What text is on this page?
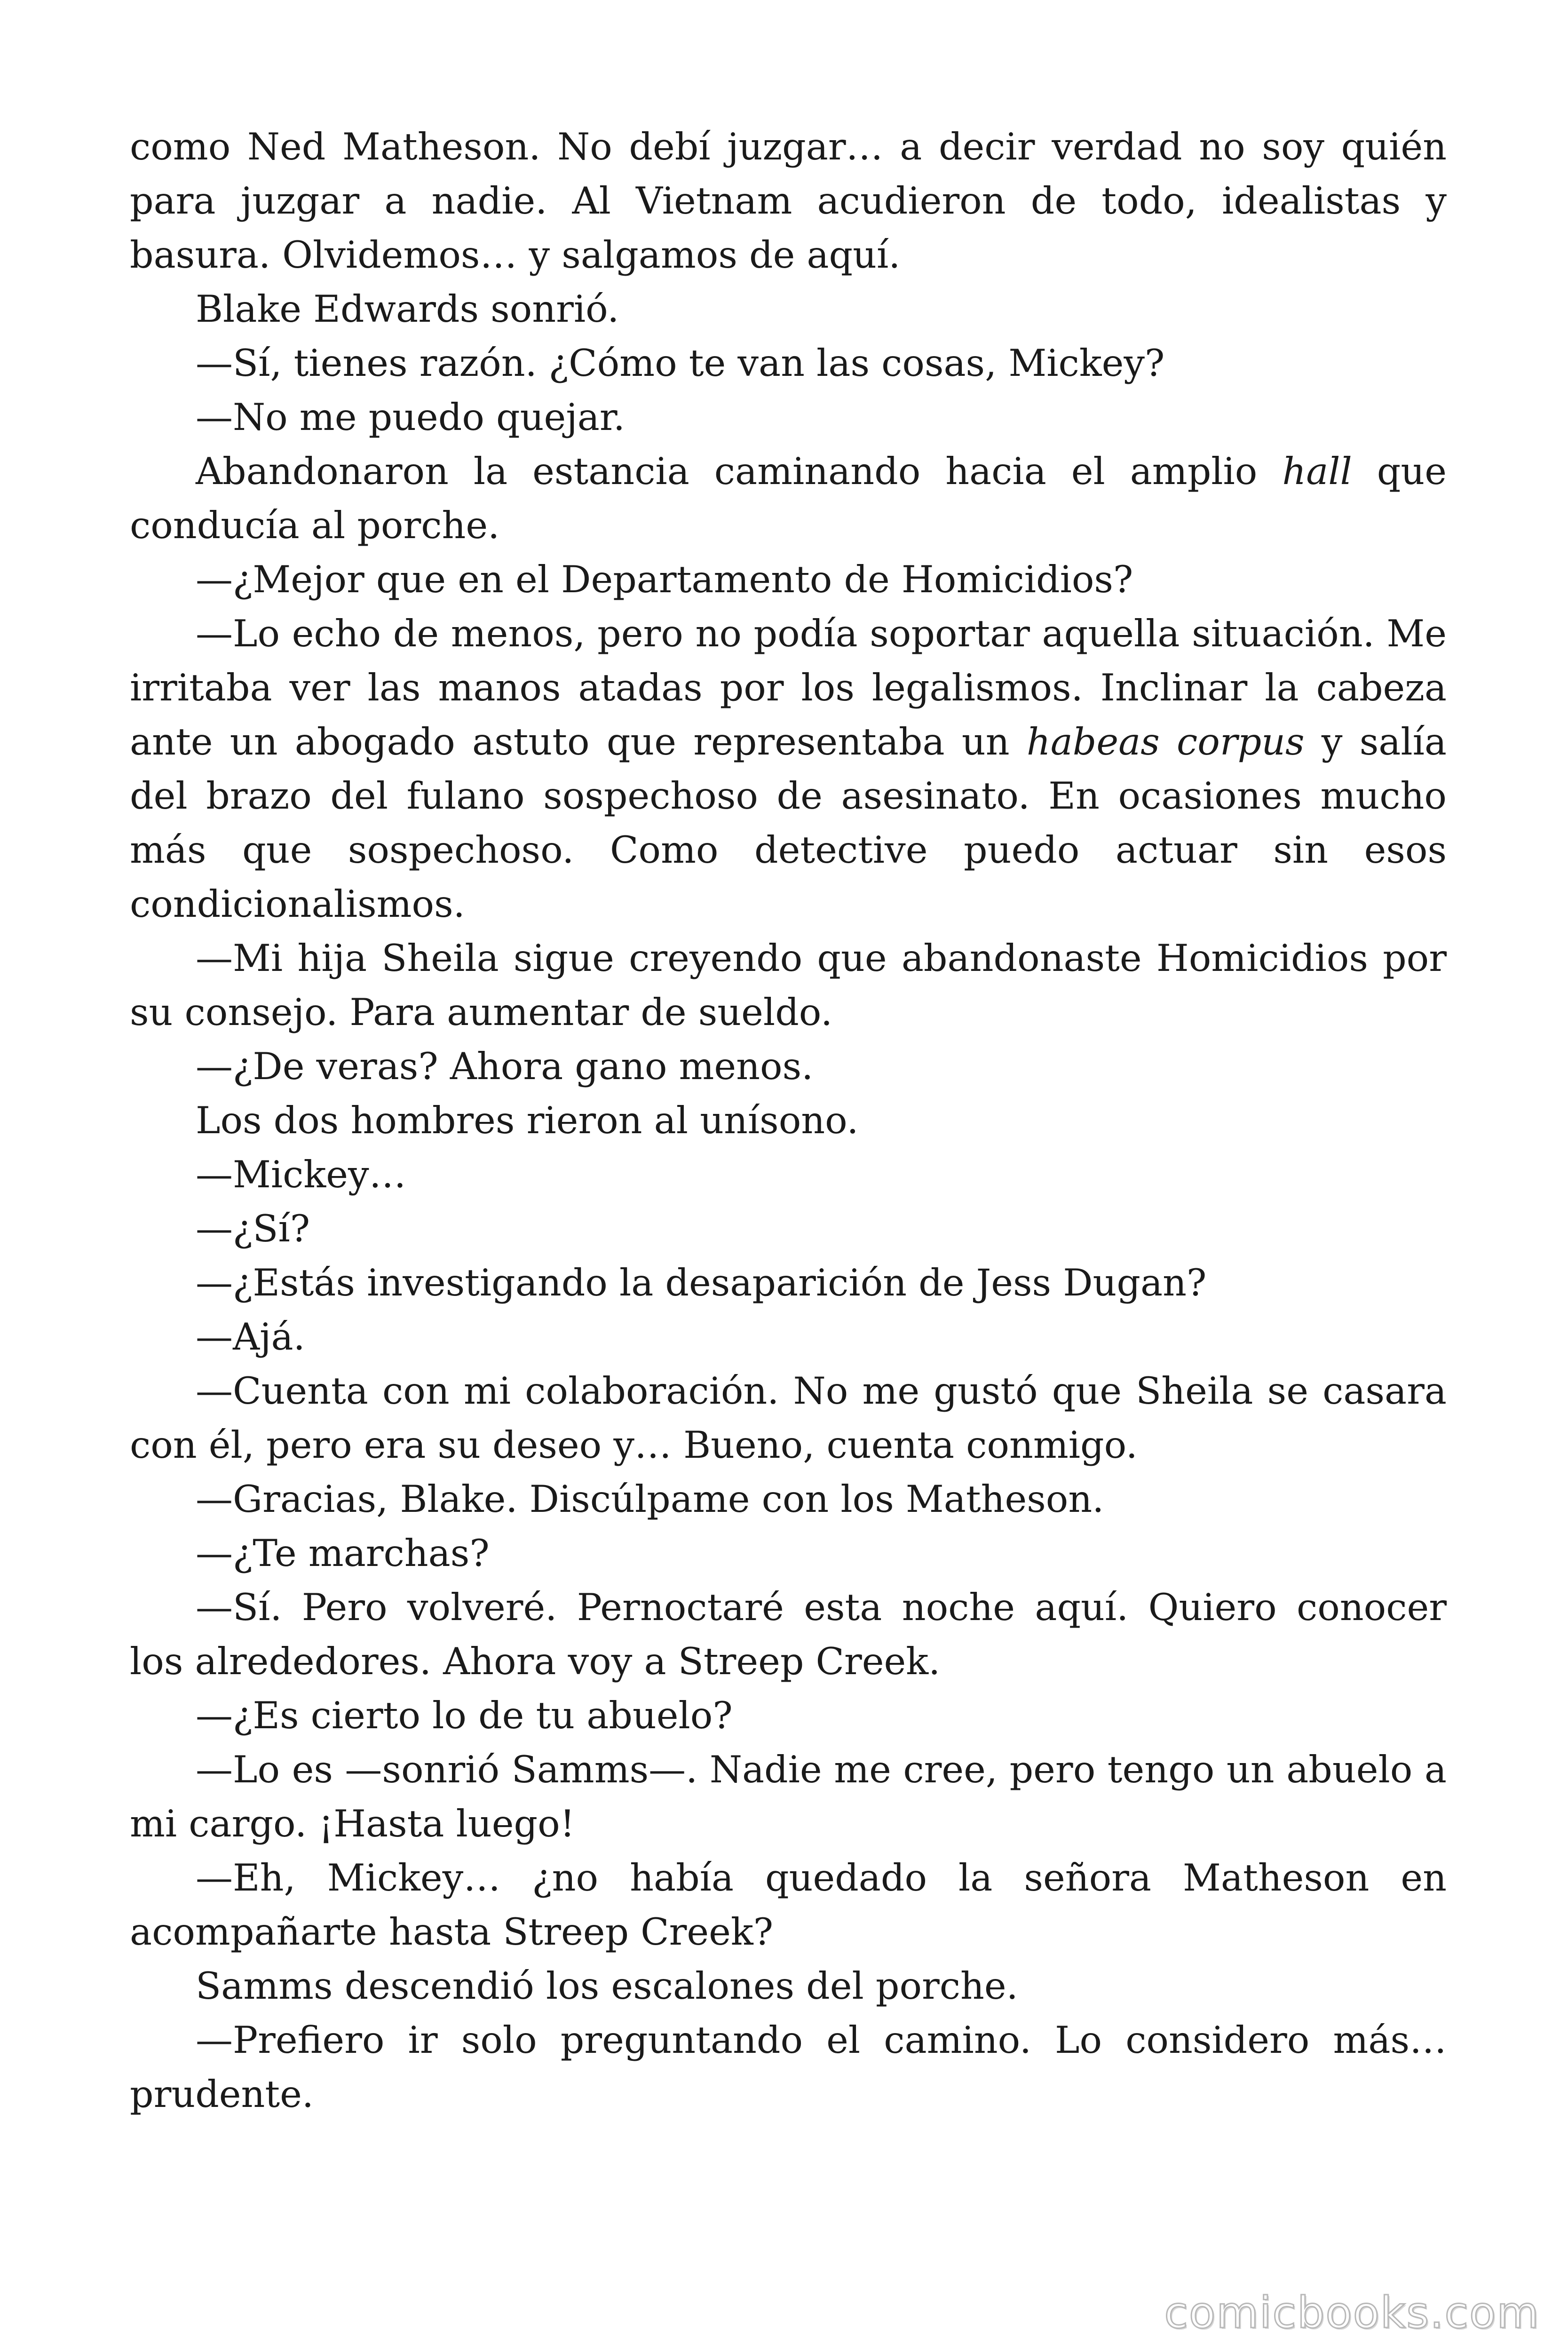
como Ned Matheson. No debí juzgar… a decir verdad no soy quién para juzgar a nadie. Al Vietnam acudieron de todo, idealistas y basura. Olvidemos… y salgamos de aquí.

Blake Edwards sonrió.

—Sí, tienes razón. ¿Cómo te van las cosas, Mickey?

—No me puedo quejar.

Abandonaron la estancia caminando hacia el amplio hall que conducía al porche.

—¿Mejor que en el Departamento de Homicidios?

—Lo echo de menos, pero no podía soportar aquella situación. Me irritaba ver las manos atadas por los legalismos. Inclinar la cabeza ante un abogado astuto que representaba un habeas corpus y salía del brazo del fulano sospechoso de asesinato. En ocasiones mucho más que sospechoso. Como detective puedo actuar sin esos condicionalismos.

—Mi hija Sheila sigue creyendo que abandonaste Homicidios por su consejo. Para aumentar de sueldo.

—¿De veras? Ahora gano menos.

Los dos hombres rieron al unísono.

—Mickey…

—¿Sí?

—¿Estás investigando la desaparición de Jess Dugan?

—Ajá.

—Cuenta con mi colaboración. No me gustó que Sheila se casara con él, pero era su deseo y… Bueno, cuenta conmigo.

—Gracias, Blake. Discúlpame con los Matheson.

—¿Te marchas?

—Sí. Pero volveré. Pernoctaré esta noche aquí. Quiero conocer los alrededores. Ahora voy a Streep Creek.

—¿Es cierto lo de tu abuelo?

—Lo es —sonrió Samms—. Nadie me cree, pero tengo un abuelo a mi cargo. ¡Hasta luego!

—Eh, Mickey… ¿no había quedado la señora Matheson en acompañarte hasta Streep Creek?

Samms descendió los escalones del porche.

—Prefiero ir solo preguntando el camino. Lo considero más… prudente.

comicbooks.com
